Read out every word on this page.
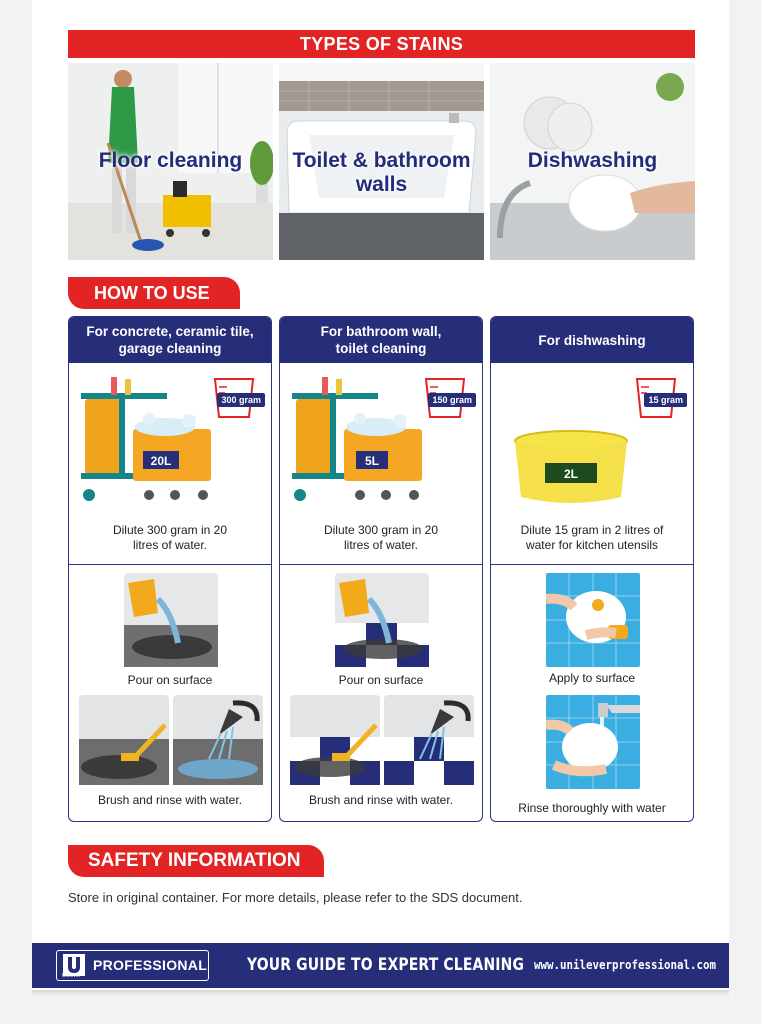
TYPES OF STAINS
Floor cleaning	Toilet & bathroom
walls
Dishwashing
HOW TO USE
For concrete, ceramic tile,
garage cleaning
20L
300 gram
Dilute 300 gram in 20
litres of water.
Pour on surface
Brush and rinse with water.
For bathroom wall,
toilet cleaning
5L
150 gram
Dilute 300 gram in 20
litres of water.
Pour on surface
Brush and rinse with water.
For dishwashing
2L
15 gram
Dilute 15 gram in 2 litres of
water for kitchen utensils
Apply to surface
Rinse thoroughly with water
SAFETY INFORMATION
Store in original container. For more details, please refer to the SDS document.
Unilever
PROFESSIONAL YOUR GUIDE TO EXPERT CLEANING www.unileverprofessional.com
